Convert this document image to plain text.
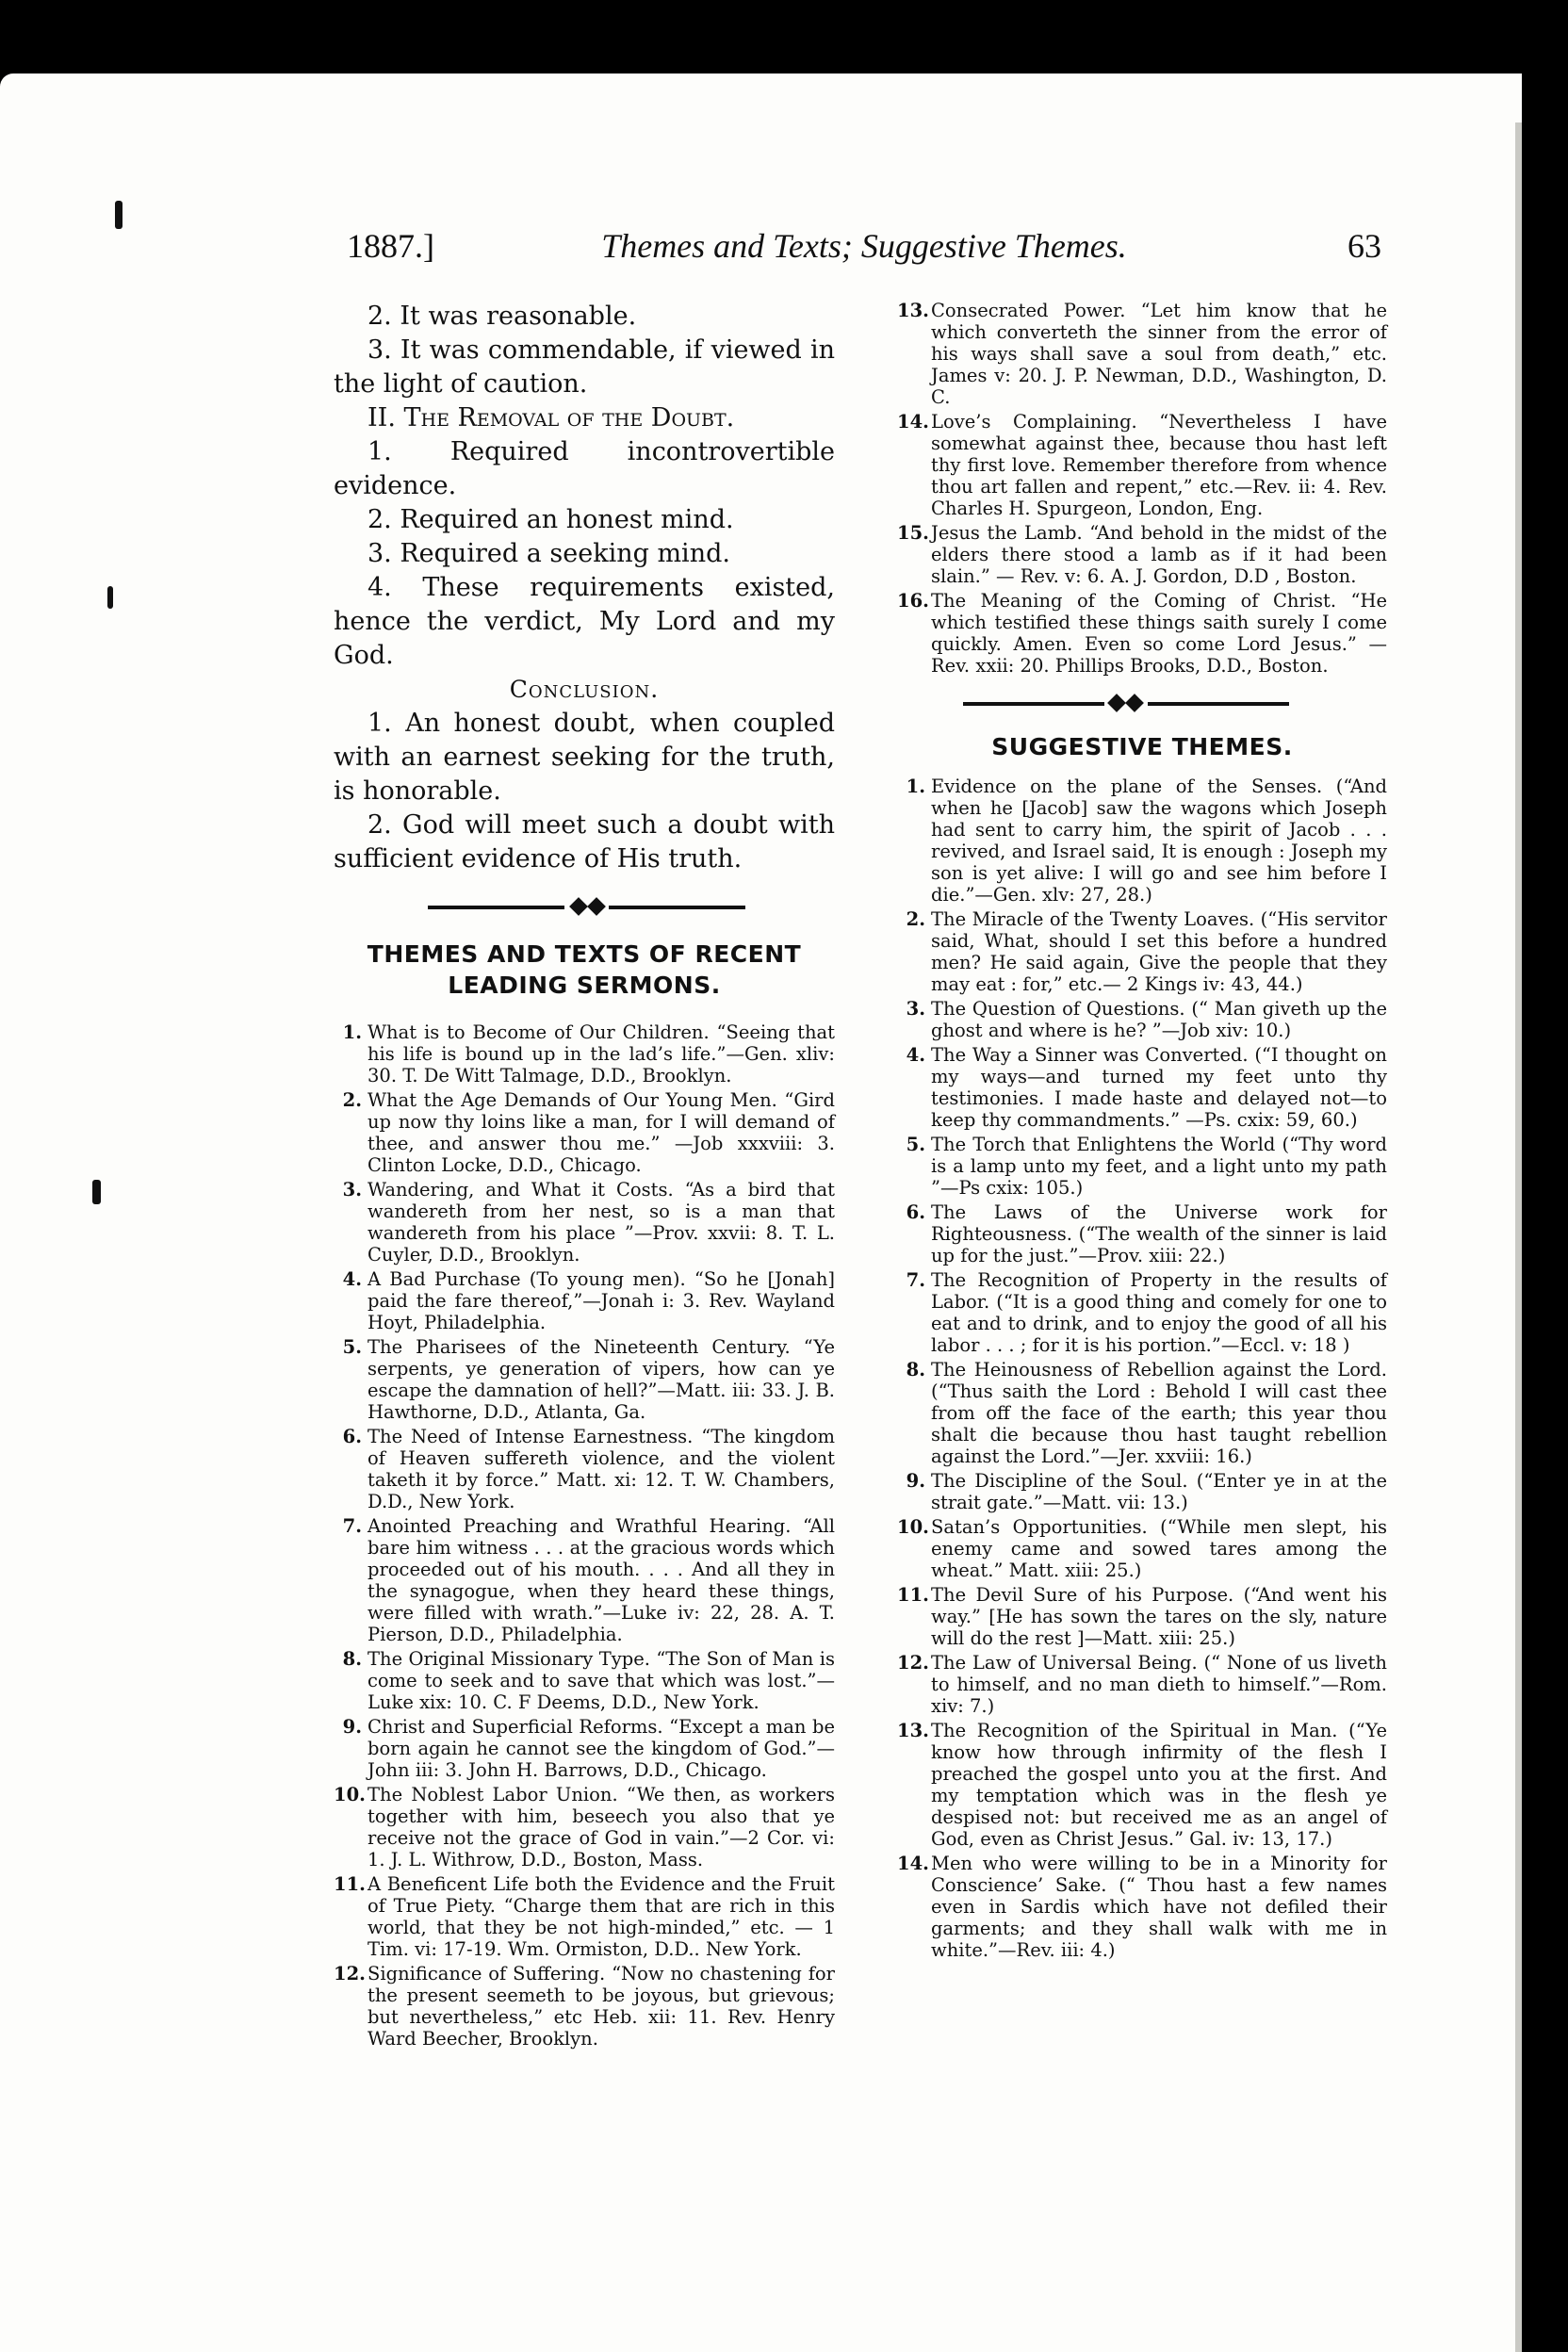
1887.]	Themes and Texts; Suggestive Themes.	63

2. It was reasonable.

3. It was commendable, if viewed in the light of caution.

II. The Removal of the Doubt.

1. Required incontrovertible evidence.

2. Required an honest mind.

3. Required a seeking mind.

4. These requirements existed, hence the verdict, My Lord and my God.

Conclusion.

1. An honest doubt, when coupled with an earnest seeking for the truth, is honorable.

2. God will meet such a doubt with sufficient evidence of His truth.

THEMES AND TEXTS OF RECENT LEADING SERMONS.

1. What is to Become of Our Children. “Seeing that his life is bound up in the lad’s life.”—Gen. xliv: 30. T. De Witt Talmage, D.D., Brooklyn.
2. What the Age Demands of Our Young Men. “Gird up now thy loins like a man, for I will demand of thee, and answer thou me.” —Job xxxviii: 3. Clinton Locke, D.D., Chicago.
3. Wandering, and What it Costs. “As a bird that wandereth from her nest, so is a man that wandereth from his place ”—Prov. xxvii: 8. T. L. Cuyler, D.D., Brooklyn.
4. A Bad Purchase (To young men). “So he [Jonah] paid the fare thereof,”—Jonah i: 3. Rev. Wayland Hoyt, Philadelphia.
5. The Pharisees of the Nineteenth Century. “Ye serpents, ye generation of vipers, how can ye escape the damnation of hell?”—Matt. iii: 33. J. B. Hawthorne, D.D., Atlanta, Ga.
6. The Need of Intense Earnestness. “The kingdom of Heaven suffereth violence, and the violent taketh it by force.” Matt. xi: 12. T. W. Chambers, D.D., New York.
7. Anointed Preaching and Wrathful Hearing. “All bare him witness . . . at the gracious words which proceeded out of his mouth. . . . And all they in the synagogue, when they heard these things, were filled with wrath.”—Luke iv: 22, 28. A. T. Pierson, D.D., Philadelphia.
8. The Original Missionary Type. “The Son of Man is come to seek and to save that which was lost.”—Luke xix: 10. C. F Deems, D.D., New York.
9. Christ and Superficial Reforms. “Except a man be born again he cannot see the kingdom of God.”—John iii: 3. John H. Barrows, D.D., Chicago.
10. The Noblest Labor Union. “We then, as workers together with him, beseech you also that ye receive not the grace of God in vain.”—2 Cor. vi: 1. J. L. Withrow, D.D., Boston, Mass.
11. A Beneficent Life both the Evidence and the Fruit of True Piety. “Charge them that are rich in this world, that they be not high-minded,” etc. — 1 Tim. vi: 17-19. Wm. Ormiston, D.D.. New York.
12. Significance of Suffering. “Now no chastening for the present seemeth to be joyous, but grievous; but nevertheless,” etc Heb. xii: 11. Rev. Henry Ward Beecher, Brooklyn.
13. Consecrated Power. “Let him know that he which converteth the sinner from the error of his ways shall save a soul from death,” etc. James v: 20. J. P. Newman, D.D., Washington, D. C.
14. Love’s Complaining. “Nevertheless I have somewhat against thee, because thou hast left thy first love. Remember therefore from whence thou art fallen and repent,” etc.—Rev. ii: 4. Rev. Charles H. Spurgeon, London, Eng.
15. Jesus the Lamb. “And behold in the midst of the elders there stood a lamb as if it had been slain.” — Rev. v: 6. A. J. Gordon, D.D , Boston.
16. The Meaning of the Coming of Christ. “He which testified these things saith surely I come quickly. Amen. Even so come Lord Jesus.” — Rev. xxii: 20. Phillips Brooks, D.D., Boston.

SUGGESTIVE THEMES.

1. Evidence on the plane of the Senses. (“And when he [Jacob] saw the wagons which Joseph had sent to carry him, the spirit of Jacob . . . revived, and Israel said, It is enough : Joseph my son is yet alive: I will go and see him before I die.”—Gen. xlv: 27, 28.)
2. The Miracle of the Twenty Loaves. (“His servitor said, What, should I set this before a hundred men? He said again, Give the people that they may eat : for,” etc.— 2 Kings iv: 43, 44.)
3. The Question of Questions. (“ Man giveth up the ghost and where is he? ”—Job xiv: 10.)
4. The Way a Sinner was Converted. (“I thought on my ways—and turned my feet unto thy testimonies. I made haste and delayed not—to keep thy commandments.” —Ps. cxix: 59, 60.)
5. The Torch that Enlightens the World (“Thy word is a lamp unto my feet, and a light unto my path ”—Ps cxix: 105.)
6. The Laws of the Universe work for Righteousness. (“The wealth of the sinner is laid up for the just.”—Prov. xiii: 22.)
7. The Recognition of Property in the results of Labor. (“It is a good thing and comely for one to eat and to drink, and to enjoy the good of all his labor . . . ; for it is his portion.”—Eccl. v: 18 )
8. The Heinousness of Rebellion against the Lord. (“Thus saith the Lord : Behold I will cast thee from off the face of the earth; this year thou shalt die because thou hast taught rebellion against the Lord.”—Jer. xxviii: 16.)
9. The Discipline of the Soul. (“Enter ye in at the strait gate.”—Matt. vii: 13.)
10. Satan’s Opportunities. (“While men slept, his enemy came and sowed tares among the wheat.” Matt. xiii: 25.)
11. The Devil Sure of his Purpose. (“And went his way.” [He has sown the tares on the sly, nature will do the rest ]—Matt. xiii: 25.)
12. The Law of Universal Being. (“ None of us liveth to himself, and no man dieth to himself.”—Rom. xiv: 7.)
13. The Recognition of the Spiritual in Man. (“Ye know how through infirmity of the flesh I preached the gospel unto you at the first. And my temptation which was in the flesh ye despised not: but received me as an angel of God, even as Christ Jesus.” Gal. iv: 13, 17.)
14. Men who were willing to be in a Minority for Conscience’ Sake. (“ Thou hast a few names even in Sardis which have not defiled their garments; and they shall walk with me in white.”—Rev. iii: 4.)
